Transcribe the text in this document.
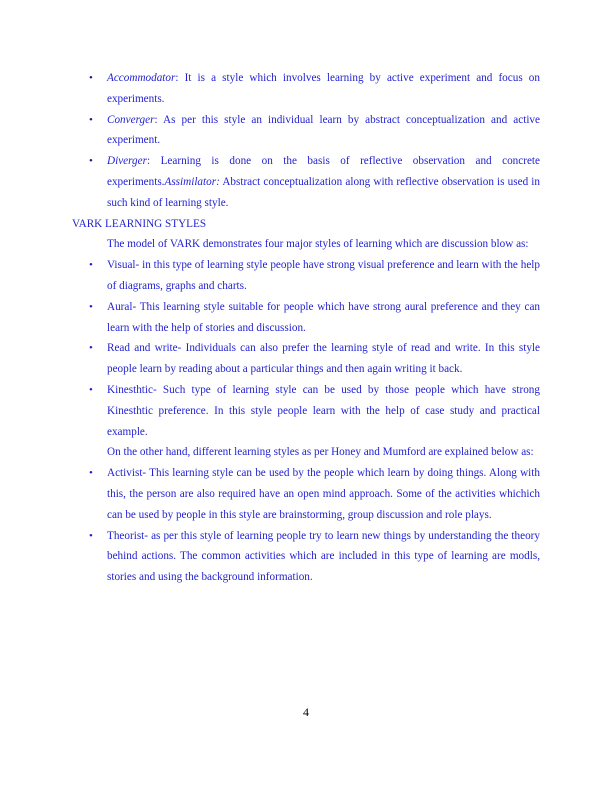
• Accommodator: It is a style which involves learning by active experiment and focus on experiments.
• Converger: As per this style an individual learn by abstract conceptualization and active experiment.
• Diverger: Learning is done on the basis of reflective observation and concrete experiments.Assimilator: Abstract conceptualization along with reflective observation is used in such kind of learning style.

VARK LEARNING STYLES

The model of VARK demonstrates four major styles of learning which are discussion blow as:

• Visual- in this type of learning style people have strong visual preference and learn with the help of diagrams, graphs and charts.
• Aural- This learning style suitable for people which have strong aural preference and they can learn with the help of stories and discussion.
• Read and write- Individuals can also prefer the learning style of read and write. In this style people learn by reading about a particular things and then again writing it back.
• Kinesthtic- Such type of learning style can be used by those people which have strong Kinesthtic preference. In this style people learn with the help of case study and practical example.

On the other hand, different learning styles as per Honey and Mumford are explained below as:

• Activist- This learning style can be used by the people which learn by doing things. Along with this, the person are also required have an open mind approach. Some of the activities whichich can be used by people in this style are brainstorming, group discussion and role plays.
• Theorist- as per this style of learning people try to learn new things by understanding the theory behind actions. The common activities which are included in this type of learning are modls, stories and using the background information.
4
